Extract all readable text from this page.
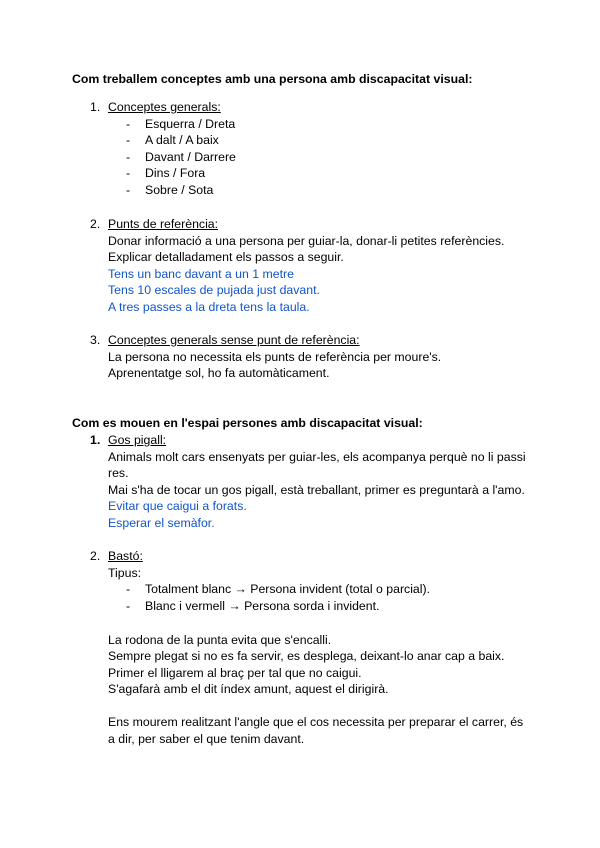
Com treballem conceptes amb una persona amb discapacitat visual:
1. Conceptes generals:
- Esquerra / Dreta
- A dalt / A baix
- Davant / Darrere
- Dins / Fora
- Sobre / Sota
2. Punts de referència:
Donar informació a una persona per guiar-la, donar-li petites referències.
Explicar detalladament els passos a seguir.
Tens un banc davant a un 1 metre
Tens 10 escales de pujada just davant.
A tres passes a la dreta tens la taula.
3. Conceptes generals sense punt de referència:
La persona no necessita els punts de referència per moure's.
Aprenentatge sol, ho fa automàticament.
Com es mouen en l'espai persones amb discapacitat visual:
1. Gos pigall:
Animals molt cars ensenyats per guiar-les, els acompanya perquè no li passi
res.
Mai s'ha de tocar un gos pigall, està treballant, primer es preguntarà a l'amo.
Evitar que caigui a forats.
Esperar el semàfor.
2. Bastó:
Tipus:
- Totalment blanc → Persona invident (total o parcial).
- Blanc i vermell → Persona sorda i invident.
La rodona de la punta evita que s'encalli.
Sempre plegat si no es fa servir, es desplega, deixant-lo anar cap a baix.
Primer el lligarem al braç per tal que no caigui.
S'agafarà amb el dit índex amunt, aquest el dirigirà.
Ens mourem realitzant l'angle que el cos necessita per preparar el carrer, és
a dir, per saber el que tenim davant.
